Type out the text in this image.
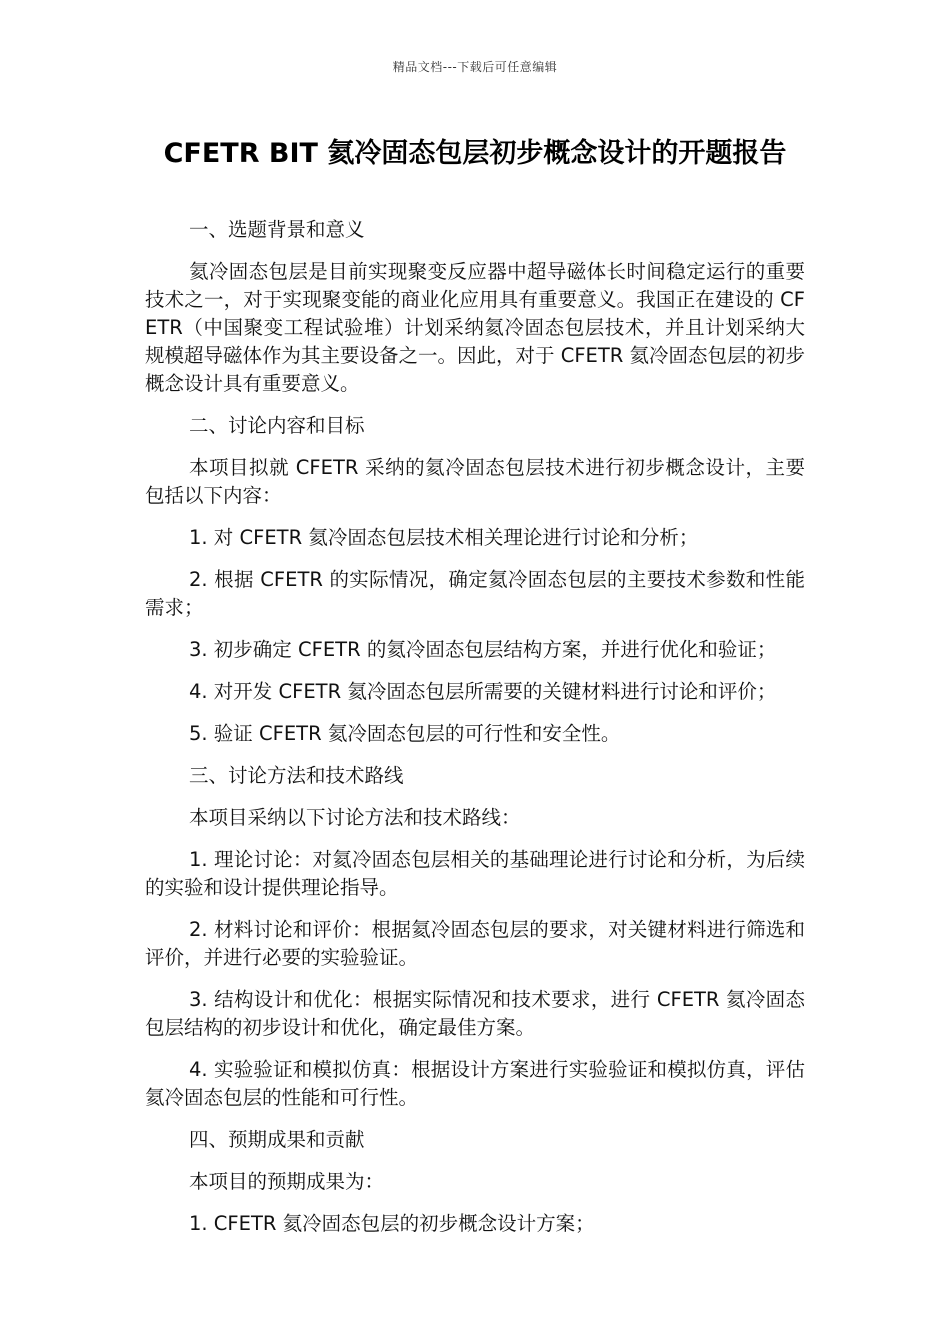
精品文档---下载后可任意编辑
CFETR BIT 氦冷固态包层初步概念设计的开题报告

一、选题背景和意义

氦冷固态包层是目前实现聚变反应器中超导磁体长时间稳定运行的重要技术之一，对于实现聚变能的商业化应用具有重要意义。我国正在建设的 CFETR（中国聚变工程试验堆）计划采纳氦冷固态包层技术，并且计划采纳大规模超导磁体作为其主要设备之一。因此，对于 CFETR 氦冷固态包层的初步概念设计具有重要意义。

二、讨论内容和目标

本项目拟就 CFETR 采纳的氦冷固态包层技术进行初步概念设计，主要包括以下内容：

1. 对 CFETR 氦冷固态包层技术相关理论进行讨论和分析；

2. 根据 CFETR 的实际情况，确定氦冷固态包层的主要技术参数和性能需求；

3. 初步确定 CFETR 的氦冷固态包层结构方案，并进行优化和验证；

4. 对开发 CFETR 氦冷固态包层所需要的关键材料进行讨论和评价；

5. 验证 CFETR 氦冷固态包层的可行性和安全性。

三、讨论方法和技术路线

本项目采纳以下讨论方法和技术路线：

1. 理论讨论：对氦冷固态包层相关的基础理论进行讨论和分析，为后续的实验和设计提供理论指导。

2. 材料讨论和评价：根据氦冷固态包层的要求，对关键材料进行筛选和评价，并进行必要的实验验证。

3. 结构设计和优化：根据实际情况和技术要求，进行 CFETR 氦冷固态包层结构的初步设计和优化，确定最佳方案。

4. 实验验证和模拟仿真：根据设计方案进行实验验证和模拟仿真，评估氦冷固态包层的性能和可行性。

四、预期成果和贡献

本项目的预期成果为：

1. CFETR 氦冷固态包层的初步概念设计方案；
